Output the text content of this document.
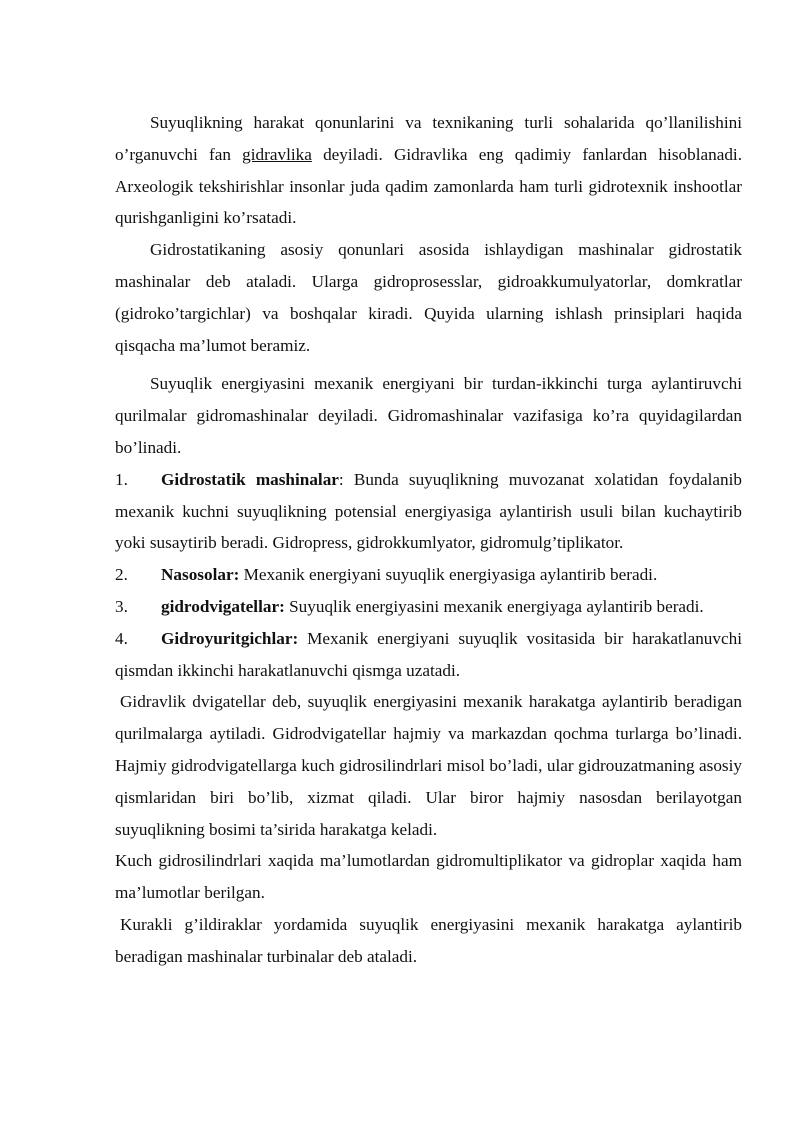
Suyuqlikning harakat qonunlarini va texnikaning turli sohalarida qo’llanilishini o’rganuvchi fan gidravlika deyiladi. Gidravlika eng qadimiy fanlardan hisoblanadi. Arxeologik tekshirishlar insonlar juda qadim zamonlarda ham turli gidrotexnik inshootlar qurishganligini ko’rsatadi.

Gidrostatikaning asosiy qonunlari asosida ishlaydigan mashinalar gidrostatik mashinalar deb ataladi. Ularga gidroprosesslar, gidroakkumulyatorlar, domkratlar (gidroko’targichlar) va boshqalar kiradi. Quyida ularning ishlash prinsiplari haqida qisqacha ma’lumot beramiz.

Suyuqlik energiyasini mexanik energiyani bir turdan-ikkinchi turga aylantiruvchi qurilmalar gidromashinalar deyiladi. Gidromashinalar vazifasiga ko’ra quyidagilardan bo’linadi.

1. Gidrostatik mashinalar: Bunda suyuqlikning muvozanat xolatidan foydalanib mexanik kuchni suyuqlikning potensial energiyasiga aylantirish usuli bilan kuchaytirib yoki susaytirib beradi. Gidropress, gidrokkumlyator, gidromulg’tiplikator.

2. Nasosolar: Mexanik energiyani suyuqlik energiyasiga aylantirib beradi.

3. gidrodvigatellar: Suyuqlik energiyasini mexanik energiyaga aylantirib beradi.

4. Gidroyuritgichlar: Mexanik energiyani suyuqlik vositasida bir harakatlanuvchi qismdan ikkinchi harakatlanuvchi qismga uzatadi.

Gidravlik dvigatellar deb, suyuqlik energiyasini mexanik harakatga aylantirib beradigan qurilmalarga aytiladi. Gidrodvigatellar hajmiy va markazdan qochma turlarga bo’linadi. Hajmiy gidrodvigatellarga kuch gidrosilindrlari misol bo’ladi, ular gidrouzatmaning asosiy qismlaridan biri bo’lib, xizmat qiladi. Ular biror hajmiy nasosdan berilayotgan suyuqlikning bosimi ta’sirida harakatga keladi.

Kuch gidrosilindrlari xaqida ma’lumotlardan gidromultiplikator va gidroplar xaqida ham ma’lumotlar berilgan.

Kurakli g’ildiraklar yordamida suyuqlik energiyasini mexanik harakatga aylantirib beradigan mashinalar turbinalar deb ataladi.
